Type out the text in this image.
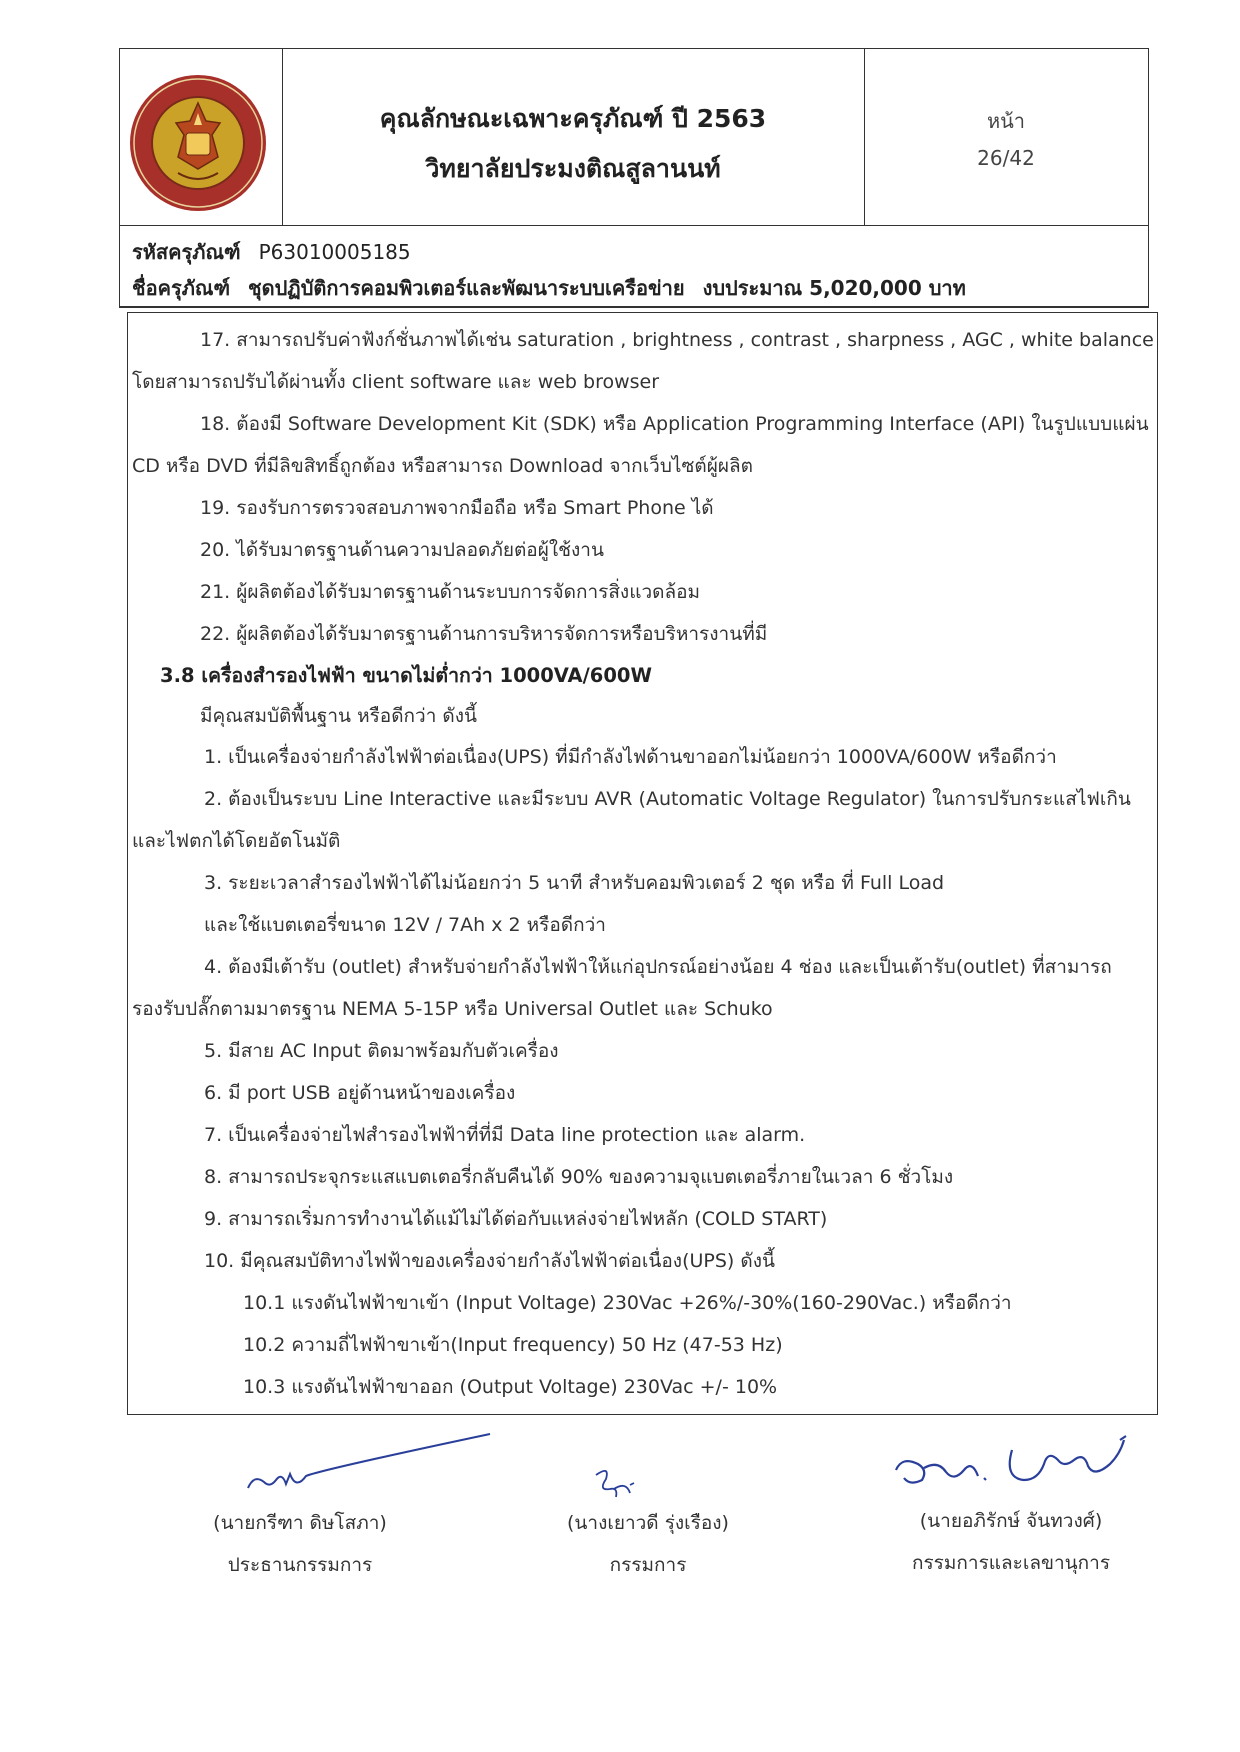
คุณลักษณะเฉพาะครุภัณฑ์ ปี 2563
วิทยาลัยประมงติณสูลานนท์
หน้า
26/42
รหัสครุภัณฑ์ P63010005185
ชื่อครุภัณฑ์ ชุดปฏิบัติการคอมพิวเตอร์และพัฒนาระบบเครือข่าย งบประมาณ 5,020,000 บาท
17. สามารถปรับค่าฟังก์ชั่นภาพได้เช่น saturation , brightness , contrast , sharpness , AGC , white balance
โดยสามารถปรับได้ผ่านทั้ง client software และ web browser
18. ต้องมี Software Development Kit (SDK) หรือ Application Programming Interface (API) ในรูปแบบแผ่น
CD หรือ DVD ที่มีลิขสิทธิ์ถูกต้อง หรือสามารถ Download จากเว็บไซต์ผู้ผลิต
19. รองรับการตรวจสอบภาพจากมือถือ หรือ Smart Phone ได้
20. ได้รับมาตรฐานด้านความปลอดภัยต่อผู้ใช้งาน
21. ผู้ผลิตต้องได้รับมาตรฐานด้านระบบการจัดการสิ่งแวดล้อม
22. ผู้ผลิตต้องได้รับมาตรฐานด้านการบริหารจัดการหรือบริหารงานที่มี
3.8 เครื่องสำรองไฟฟ้า ขนาดไม่ต่ำกว่า 1000VA/600W
มีคุณสมบัติพื้นฐาน หรือดีกว่า ดังนี้
1. เป็นเครื่องจ่ายกำลังไฟฟ้าต่อเนื่อง(UPS) ที่มีกำลังไฟด้านขาออกไม่น้อยกว่า 1000VA/600W หรือดีกว่า
2. ต้องเป็นระบบ Line Interactive และมีระบบ AVR (Automatic Voltage Regulator) ในการปรับกระแสไฟเกิน
และไฟตกได้โดยอัตโนมัติ
3. ระยะเวลาสำรองไฟฟ้าได้ไม่น้อยกว่า 5 นาที สำหรับคอมพิวเตอร์ 2 ชุด หรือ ที่ Full Load
และใช้แบตเตอรี่ขนาด 12V / 7Ah x 2 หรือดีกว่า
4. ต้องมีเต้ารับ (outlet) สำหรับจ่ายกำลังไฟฟ้าให้แก่อุปกรณ์อย่างน้อย 4 ช่อง และเป็นเต้ารับ(outlet) ที่สามารถ
รองรับปลั๊กตามมาตรฐาน NEMA 5-15P หรือ Universal Outlet และ Schuko
5. มีสาย AC Input ติดมาพร้อมกับตัวเครื่อง
6. มี port USB อยู่ด้านหน้าของเครื่อง
7. เป็นเครื่องจ่ายไฟสำรองไฟฟ้าที่ที่มี Data line protection และ alarm.
8. สามารถประจุกระแสแบตเตอรี่กลับคืนได้ 90% ของความจุแบตเตอรี่ภายในเวลา 6 ชั่วโมง
9. สามารถเริ่มการทำงานได้แม้ไม่ได้ต่อกับแหล่งจ่ายไฟหลัก (COLD START)
10. มีคุณสมบัติทางไฟฟ้าของเครื่องจ่ายกำลังไฟฟ้าต่อเนื่อง(UPS) ดังนี้
10.1 แรงดันไฟฟ้าขาเข้า (Input Voltage) 230Vac +26%/-30%(160-290Vac.) หรือดีกว่า
10.2 ความถี่ไฟฟ้าขาเข้า(Input frequency) 50 Hz (47-53 Hz)
10.3 แรงดันไฟฟ้าขาออก (Output Voltage) 230Vac +/- 10%
(นายกรีฑา ดิษโสภา)
ประธานกรรมการ
(นางเยาวดี รุ่งเรือง)
กรรมการ
(นายอภิรักษ์ จันทวงศ์)
กรรมการและเลขานุการ
